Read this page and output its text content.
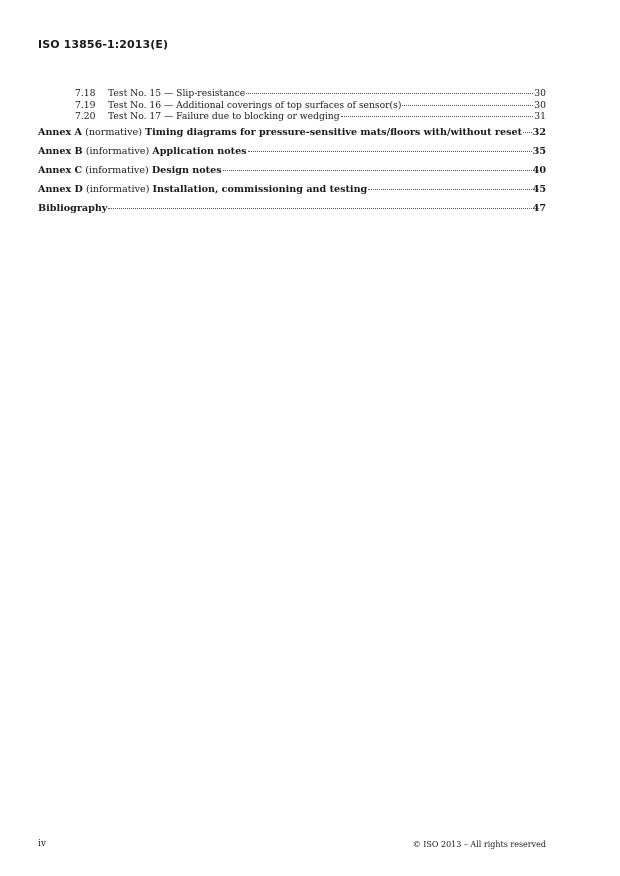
ISO 13856-1:2013(E)
7.18	Test No. 15 — Slip-resistance	30
7.19	Test No. 16 — Additional coverings of top surfaces of sensor(s)	30
7.20	Test No. 17 — Failure due to blocking or wedging	31
Annex A
(normative)
Timing diagrams for pressure-sensitive mats/floors with/without reset 32
Annex B
(informative)
Application notes	35
Annex C
(informative)
Design notes	40
Annex D
(informative)
Installation, commissioning and testing	45
Bibliography	47
iv	© ISO 2013 – All rights reserved
